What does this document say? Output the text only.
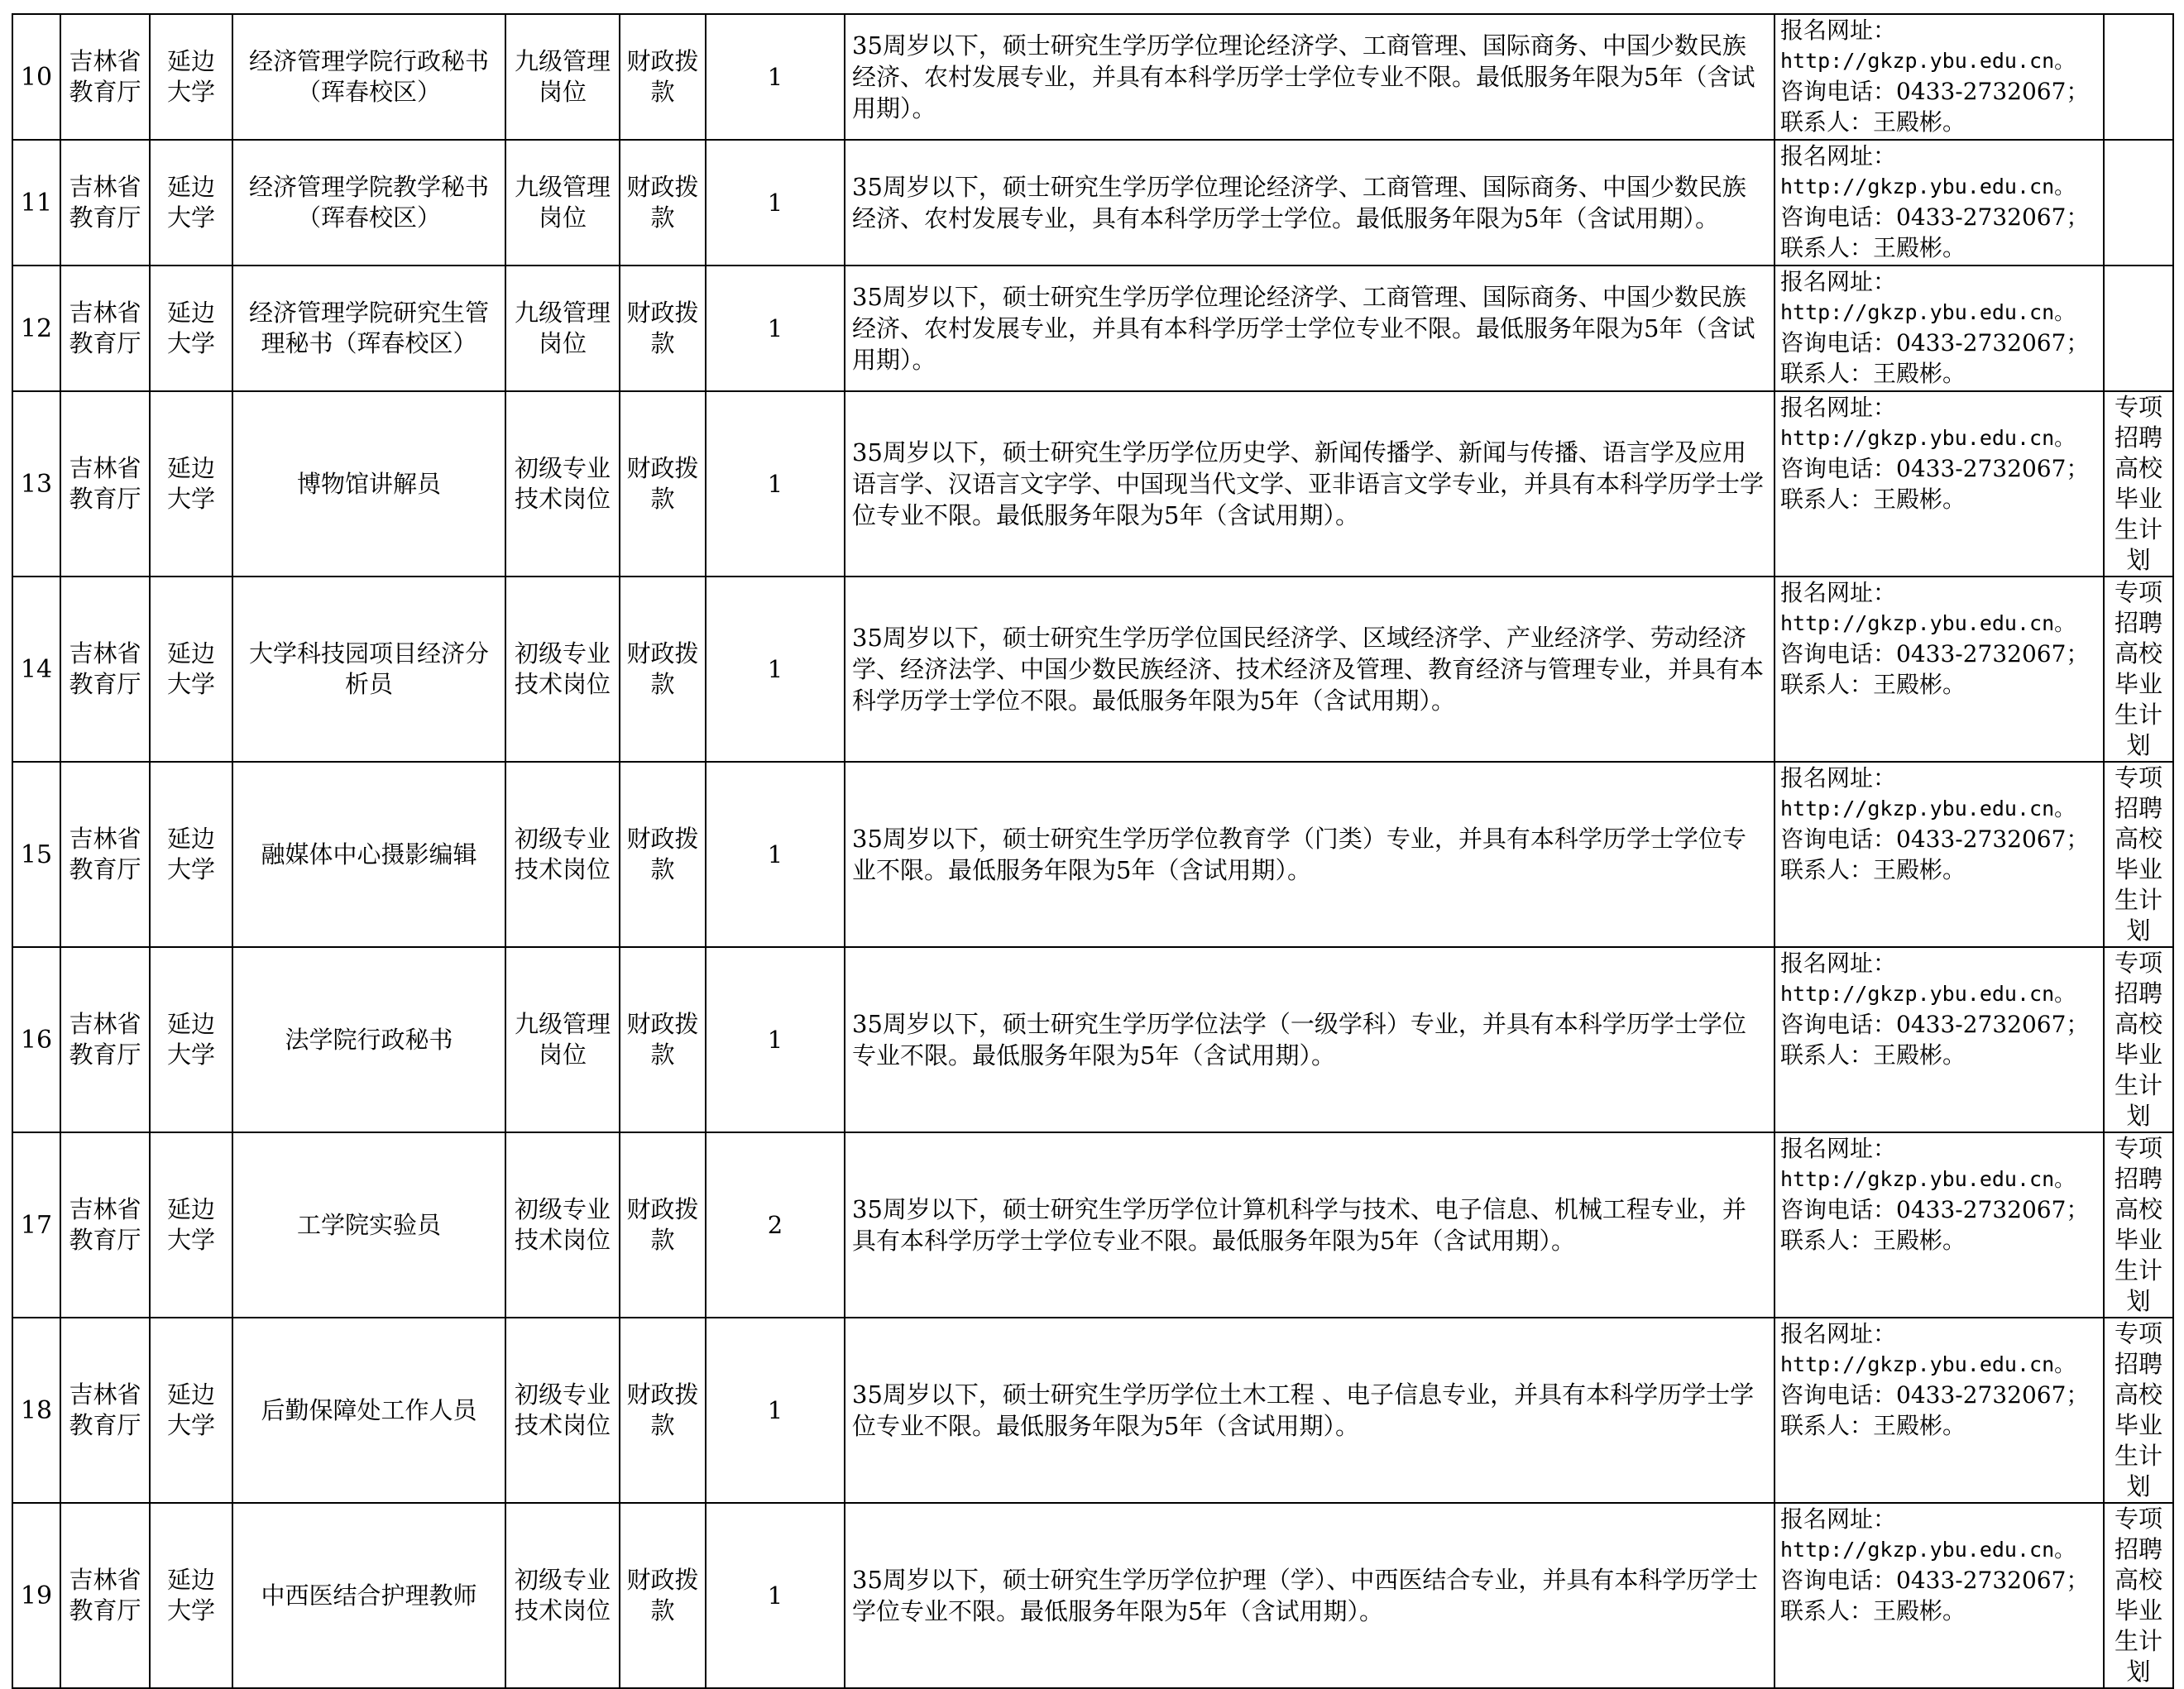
10	吉林省教育厅	延边大学	经济管理学院行政秘书（珲春校区）	九级管理岗位	财政拨款	1	35周岁以下，硕士研究生学历学位理论经济学、工商管理、国际商务、中国少数民族经济、农村发展专业，并具有本科学历学士学位专业不限。最低服务年限为5年（含试用期）。	报名网址：
http://gkzp.ybu.edu.cn。
咨询电话：0433-2732067；
联系人：王殿彬。	

11	吉林省教育厅	延边大学	经济管理学院教学秘书（珲春校区）	九级管理岗位	财政拨款	1	35周岁以下，硕士研究生学历学位理论经济学、工商管理、国际商务、中国少数民族经济、农村发展专业，具有本科学历学士学位。最低服务年限为5年（含试用期）。	报名网址：
http://gkzp.ybu.edu.cn。
咨询电话：0433-2732067；
联系人：王殿彬。	

12	吉林省教育厅	延边大学	经济管理学院研究生管理秘书（珲春校区）	九级管理岗位	财政拨款	1	35周岁以下，硕士研究生学历学位理论经济学、工商管理、国际商务、中国少数民族经济、农村发展专业，并具有本科学历学士学位专业不限。最低服务年限为5年（含试用期）。	报名网址：
http://gkzp.ybu.edu.cn。
咨询电话：0433-2732067；
联系人：王殿彬。	

13	吉林省教育厅	延边大学	博物馆讲解员	初级专业技术岗位	财政拨款	1	35周岁以下，硕士研究生学历学位历史学、新闻传播学、新闻与传播、语言学及应用语言学、汉语言文字学、中国现当代文学、亚非语言文学专业，并具有本科学历学士学位专业不限。最低服务年限为5年（含试用期）。	报名网址：
http://gkzp.ybu.edu.cn。
咨询电话：0433-2732067；
联系人：王殿彬。	专项招聘高校毕业生计划
14	吉林省教育厅	延边大学	大学科技园项目经济分析员	初级专业技术岗位	财政拨款	1	35周岁以下，硕士研究生学历学位国民经济学、区域经济学、产业经济学、劳动经济学、经济法学、中国少数民族经济、技术经济及管理、教育经济与管理专业，并具有本科学历学士学位不限。最低服务年限为5年（含试用期）。	报名网址：
http://gkzp.ybu.edu.cn。
咨询电话：0433-2732067；
联系人：王殿彬。	专项招聘高校毕业生计划
15	吉林省教育厅	延边大学	融媒体中心摄影编辑	初级专业技术岗位	财政拨款	1	35周岁以下，硕士研究生学历学位教育学（门类）专业，并具有本科学历学士学位专业不限。最低服务年限为5年（含试用期）。	报名网址：
http://gkzp.ybu.edu.cn。
咨询电话：0433-2732067；
联系人：王殿彬。	专项招聘高校毕业生计划
16	吉林省教育厅	延边大学	法学院行政秘书	九级管理岗位	财政拨款	1	35周岁以下，硕士研究生学历学位法学（一级学科）专业，并具有本科学历学士学位专业不限。最低服务年限为5年（含试用期）。	报名网址：
http://gkzp.ybu.edu.cn。
咨询电话：0433-2732067；
联系人：王殿彬。	专项招聘高校毕业生计划
17	吉林省教育厅	延边大学	工学院实验员	初级专业技术岗位	财政拨款	2	35周岁以下，硕士研究生学历学位计算机科学与技术、电子信息、机械工程专业，并具有本科学历学士学位专业不限。最低服务年限为5年（含试用期）。	报名网址：
http://gkzp.ybu.edu.cn。
咨询电话：0433-2732067；
联系人：王殿彬。	专项招聘高校毕业生计划
18	吉林省教育厅	延边大学	后勤保障处工作人员	初级专业技术岗位	财政拨款	1	35周岁以下，硕士研究生学历学位土木工程 、电子信息专业，并具有本科学历学士学位专业不限。最低服务年限为5年（含试用期）。	报名网址：
http://gkzp.ybu.edu.cn。
咨询电话：0433-2732067；
联系人：王殿彬。	专项招聘高校毕业生计划
19	吉林省教育厅	延边大学	中西医结合护理教师	初级专业技术岗位	财政拨款	1	35周岁以下，硕士研究生学历学位护理（学）、中西医结合专业，并具有本科学历学士学位专业不限。最低服务年限为5年（含试用期）。	报名网址：
http://gkzp.ybu.edu.cn。
咨询电话：0433-2732067；
联系人：王殿彬。	专项招聘高校毕业生计划
